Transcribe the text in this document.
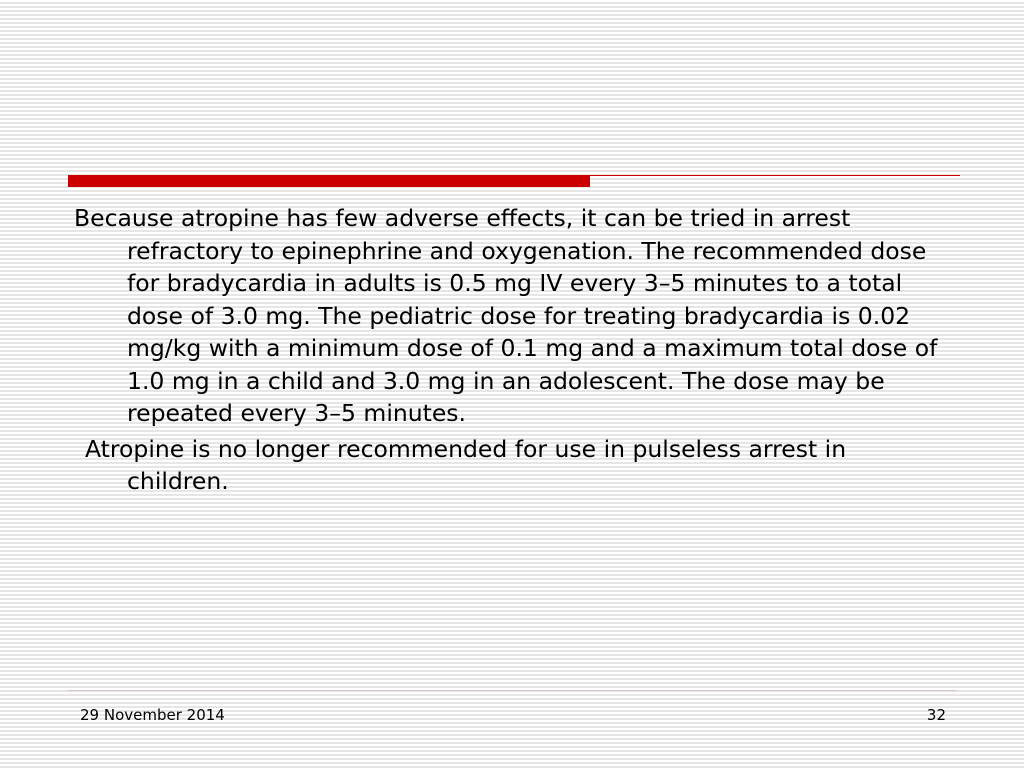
Because atropine has few adverse effects, it can be tried in arrest refractory to epinephrine and oxygenation. The recommended dose for bradycardia in adults is 0.5 mg IV every 3–5 minutes to a total dose of 3.0 mg. The pediatric dose for treating bradycardia is 0.02 mg/kg with a minimum dose of 0.1 mg and a maximum total dose of 1.0 mg in a child and 3.0 mg in an adolescent. The dose may be repeated every 3–5 minutes.

Atropine is no longer recommended for use in pulseless arrest in children.

29 November 2014	32
